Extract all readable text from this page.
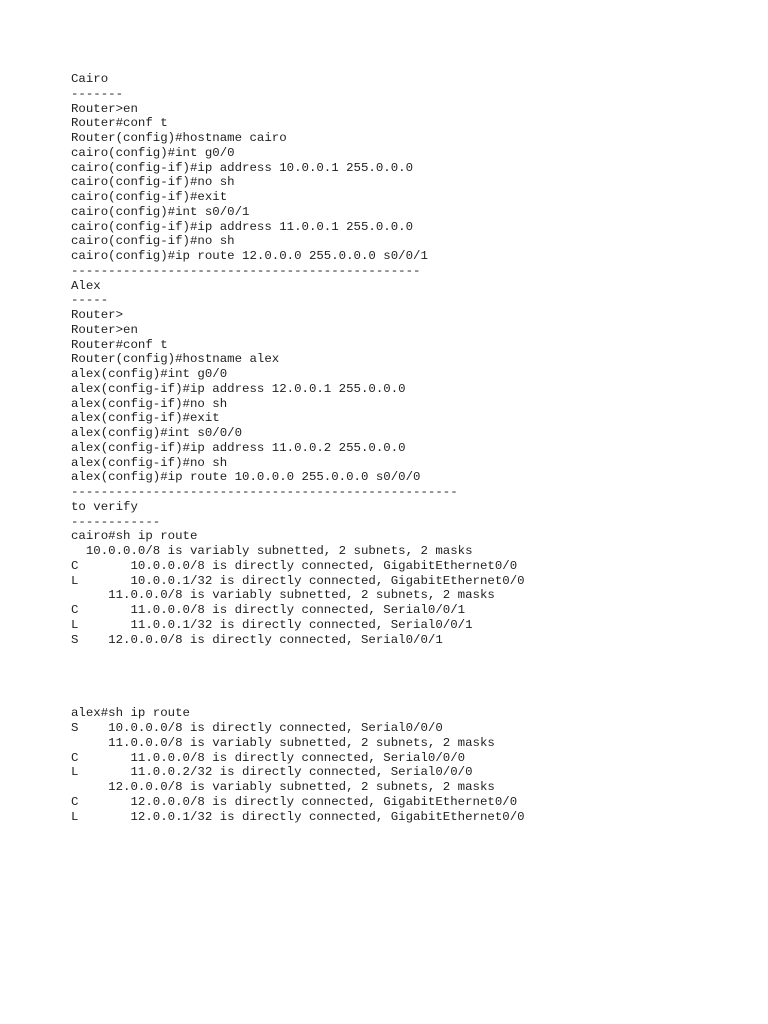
Cairo
-------
Router>en
Router#conf t
Router(config)#hostname cairo
cairo(config)#int g0/0
cairo(config-if)#ip address 10.0.0.1 255.0.0.0
cairo(config-if)#no sh
cairo(config-if)#exit
cairo(config)#int s0/0/1
cairo(config-if)#ip address 11.0.0.1 255.0.0.0
cairo(config-if)#no sh
cairo(config)#ip route 12.0.0.0 255.0.0.0 s0/0/1
-----------------------------------------------
Alex
-----
Router>
Router>en
Router#conf t
Router(config)#hostname alex
alex(config)#int g0/0
alex(config-if)#ip address 12.0.0.1 255.0.0.0
alex(config-if)#no sh
alex(config-if)#exit
alex(config)#int s0/0/0
alex(config-if)#ip address 11.0.0.2 255.0.0.0
alex(config-if)#no sh
alex(config)#ip route 10.0.0.0 255.0.0.0 s0/0/0
----------------------------------------------------
to verify
------------
cairo#sh ip route
10.0.0.0/8 is variably subnetted, 2 subnets, 2 masks
C       10.0.0.0/8 is directly connected, GigabitEthernet0/0
L       10.0.0.1/32 is directly connected, GigabitEthernet0/0
11.0.0.0/8 is variably subnetted, 2 subnets, 2 masks
C       11.0.0.0/8 is directly connected, Serial0/0/1
L       11.0.0.1/32 is directly connected, Serial0/0/1
S    12.0.0.0/8 is directly connected, Serial0/0/1
alex#sh ip route
S    10.0.0.0/8 is directly connected, Serial0/0/0
11.0.0.0/8 is variably subnetted, 2 subnets, 2 masks
C       11.0.0.0/8 is directly connected, Serial0/0/0
L       11.0.0.2/32 is directly connected, Serial0/0/0
12.0.0.0/8 is variably subnetted, 2 subnets, 2 masks
C       12.0.0.0/8 is directly connected, GigabitEthernet0/0
L       12.0.0.1/32 is directly connected, GigabitEthernet0/0
